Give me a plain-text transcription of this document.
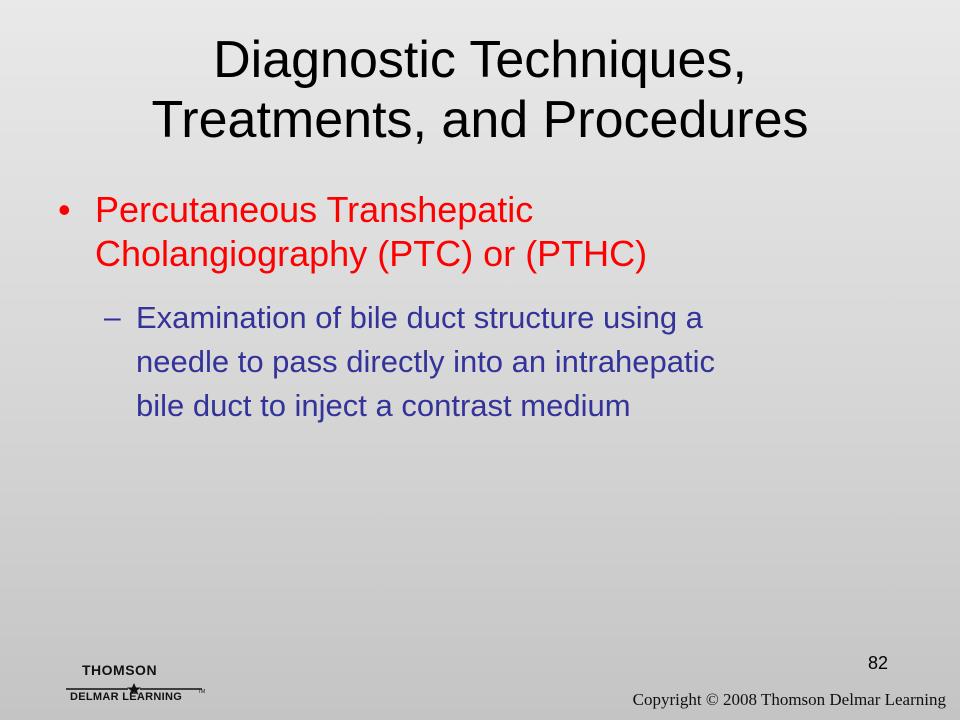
Diagnostic Techniques,
Treatments, and Procedures
• Percutaneous Transhepatic
Cholangiography (PTC) or (PTHC)
– Examination of bile duct structure using a
needle to pass directly into an intrahepatic
bile duct to inject a contrast medium
82
THOMSON
DELMAR LEARNING	TM	Copyright © 2008 Thomson Delmar Learning
